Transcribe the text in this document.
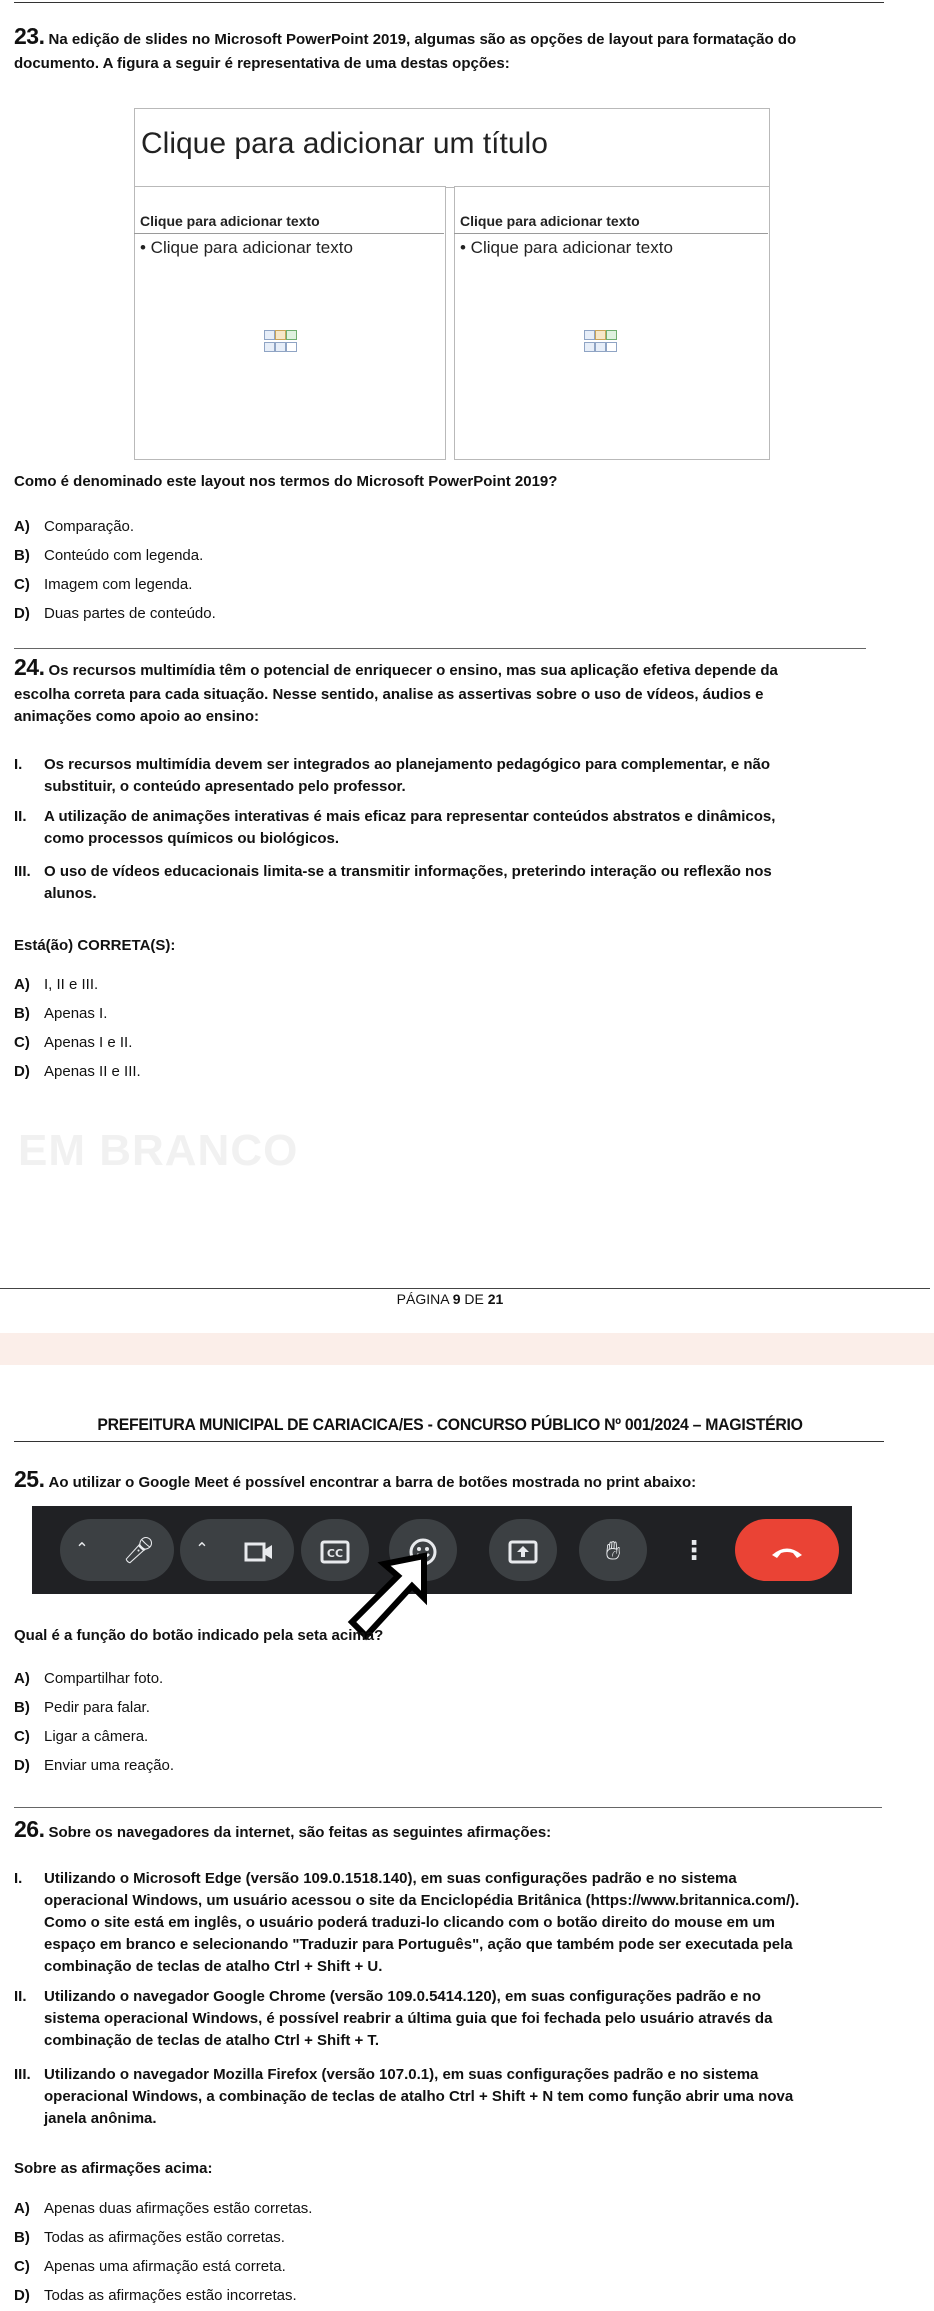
23. Na edição de slides no Microsoft PowerPoint 2019, algumas são as opções de layout para formatação do
documento. A figura a seguir é representativa de uma destas opções:
Clique para adicionar um título
Clique para adicionar texto
• Clique para adicionar texto
Clique para adicionar texto
• Clique para adicionar texto
Como é denominado este layout nos termos do Microsoft PowerPoint 2019?
A) Comparação.
B) Conteúdo com legenda.
C) Imagem com legenda.
D) Duas partes de conteúdo.
24. Os recursos multimídia têm o potencial de enriquecer o ensino, mas sua aplicação efetiva depende da
escolha correta para cada situação. Nesse sentido, analise as assertivas sobre o uso de vídeos, áudios e
animações como apoio ao ensino:
I. Os recursos multimídia devem ser integrados ao planejamento pedagógico para complementar, e não
substituir, o conteúdo apresentado pelo professor.
II. A utilização de animações interativas é mais eficaz para representar conteúdos abstratos e dinâmicos,
como processos químicos ou biológicos.
III. O uso de vídeos educacionais limita-se a transmitir informações, preterindo interação ou reflexão nos
alunos.
Está(ão) CORRETA(S):
A) I, II e III.
B) Apenas I.
C) Apenas I e II.
D) Apenas II e III.
EM BRANCO
PÁGINA 9 DE 21
PREFEITURA MUNICIPAL DE CARIACICA/ES - CONCURSO PÚBLICO Nº 001/2024 – MAGISTÉRIO
25. Ao utilizar o Google Meet é possível encontrar a barra de botões mostrada no print abaixo:
⌃	🎤︎	⌃	CC	✋︎	⋮
Qual é a função do botão indicado pela seta acima?
A) Compartilhar foto.
B) Pedir para falar.
C) Ligar a câmera.
D) Enviar uma reação.
26. Sobre os navegadores da internet, são feitas as seguintes afirmações:
I. Utilizando o Microsoft Edge (versão 109.0.1518.140), em suas configurações padrão e no sistema
operacional Windows, um usuário acessou o site da Enciclopédia Britânica (https://www.britannica.com/).
Como o site está em inglês, o usuário poderá traduzi-lo clicando com o botão direito do mouse em um
espaço em branco e selecionando "Traduzir para Português", ação que também pode ser executada pela
combinação de teclas de atalho Ctrl + Shift + U.
II. Utilizando o navegador Google Chrome (versão 109.0.5414.120), em suas configurações padrão e no
sistema operacional Windows, é possível reabrir a última guia que foi fechada pelo usuário através da
combinação de teclas de atalho Ctrl + Shift + T.
III. Utilizando o navegador Mozilla Firefox (versão 107.0.1), em suas configurações padrão e no sistema
operacional Windows, a combinação de teclas de atalho Ctrl + Shift + N tem como função abrir uma nova
janela anônima.
Sobre as afirmações acima:
A) Apenas duas afirmações estão corretas.
B) Todas as afirmações estão corretas.
C) Apenas uma afirmação está correta.
D) Todas as afirmações estão incorretas.
